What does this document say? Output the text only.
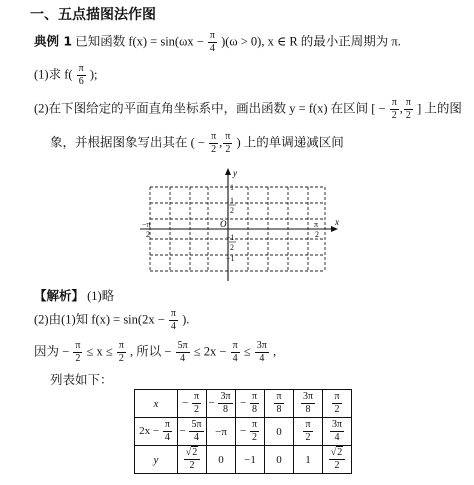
一、五点描图法作图
典例 1 已知函数 $f(x) = \sin(\omega x - \frac{\pi}{4} )(\omega > 0)$, x ∈ R 的最小正周期为 π.
(1)求 $f( \frac{\pi}{6}$ );
(2)在下图给定的平面直角坐标系中，画出函数 y = f(x) 在区间 [ − $\frac{\pi}{2}$ , $\frac{\pi}{2}$ ] 上的图
象，并根据图象写出其在 ( − $\frac{\pi}{2}$ , $\frac{\pi}{2}$ ) 上的单调递减区间
y
x
O
1
1
2
−1
2
−1
−π
2
π
2
【解析】 (1)略
(2)由(1)知 $f(x) = \sin(2x - \frac{\pi}{4}$ ).
因为 − $\frac{\pi}{2} \le x \le \frac{\pi}{2}$ , 所以 − $\frac{5\pi}{4} \le 2x - \frac{\pi}{4} \le \frac{3\pi}{4}$ ,
列表如下：
x	− $\frac{\pi}{2}$	− $\frac{3\pi}{8}$	− $\frac{\pi}{8}$	$\frac{\pi}{8}$	$\frac{3\pi}{8}$	$\frac{\pi}{2}$

$2x - \frac{\pi}{4}$	− $\frac{5\pi}{4}$	−π	− $\frac{\pi}{2}$	0	$\frac{\pi}{2}$	$\frac{3\pi}{4}$

y	$\frac{√2}{2}$	0	−1	0	1	$\frac{√2}{2}$
